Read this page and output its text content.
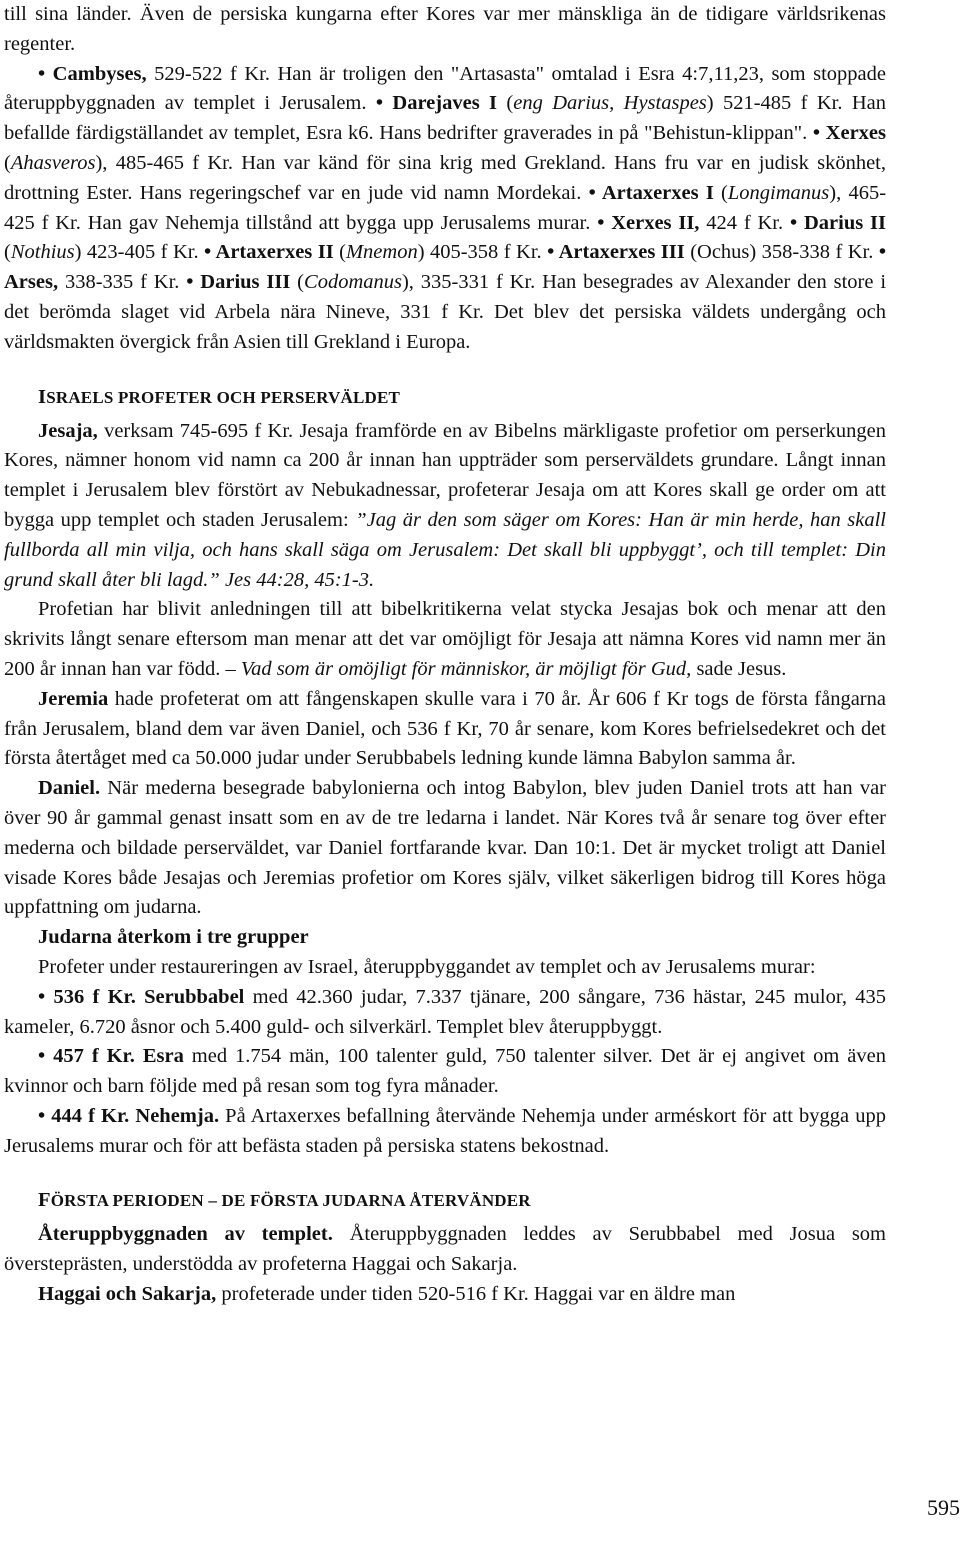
till sina länder. Även de persiska kungarna efter Kores var mer mänskliga än de tidigare världsrikenas regenter.
• Cambyses, 529-522 f Kr. Han är troligen den "Artasasta" omtalad i Esra 4:7,11,23, som stoppade återuppbyggnaden av templet i Jerusalem. • Darejaves I (eng Darius, Hystaspes) 521-485 f Kr. Han befallde färdigställandet av templet, Esra k6. Hans bedrifter graverades in på "Behistun-klippan". • Xerxes (Ahasveros), 485-465 f Kr. Han var känd för sina krig med Grekland. Hans fru var en judisk skönhet, drottning Ester. Hans regeringschef var en jude vid namn Mordekai. • Artaxerxes I (Longimanus), 465-425 f Kr. Han gav Nehemja tillstånd att bygga upp Jerusalems murar. • Xerxes II, 424 f Kr. • Darius II (Nothius) 423-405 f Kr. • Artaxerxes II (Mnemon) 405-358 f Kr. • Artaxerxes III (Ochus) 358-338 f Kr. • Arses, 338-335 f Kr. • Darius III (Codomanus), 335-331 f Kr. Han besegrades av Alexander den store i det berömda slaget vid Arbela nära Nineve, 331 f Kr. Det blev det persiska väldets undergång och världsmakten övergick från Asien till Grekland i Europa.

ISRAELS PROFETER OCH PERSERVÄLDET

Jesaja, verksam 745-695 f Kr. Jesaja framförde en av Bibelns märkligaste profetior om perserkungen Kores, nämner honom vid namn ca 200 år innan han uppträder som perserväldets grundare. Långt innan templet i Jerusalem blev förstört av Nebukadnessar, profeterar Jesaja om att Kores skall ge order om att bygga upp templet och staden Jerusalem: ”Jag är den som säger om Kores: Han är min herde, han skall fullborda all min vilja, och hans skall säga om Jerusalem: Det skall bli uppbyggt’, och till templet: Din grund skall åter bli lagd.” Jes 44:28, 45:1-3.

Profetian har blivit anledningen till att bibelkritikerna velat stycka Jesajas bok och menar att den skrivits långt senare eftersom man menar att det var omöjligt för Jesaja att nämna Kores vid namn mer än 200 år innan han var född. – Vad som är omöjligt för människor, är möjligt för Gud, sade Jesus.

Jeremia hade profeterat om att fångenskapen skulle vara i 70 år. År 606 f Kr togs de första fångarna från Jerusalem, bland dem var även Daniel, och 536 f Kr, 70 år senare, kom Kores befrielsedekret och det första återtåget med ca 50.000 judar under Serubbabels ledning kunde lämna Babylon samma år.

Daniel. När mederna besegrade babylonierna och intog Babylon, blev juden Daniel trots att han var över 90 år gammal genast insatt som en av de tre ledarna i landet. När Kores två år senare tog över efter mederna och bildade perserväldet, var Daniel fortfarande kvar. Dan 10:1. Det är mycket troligt att Daniel visade Kores både Jesajas och Jeremias profetior om Kores själv, vilket säkerligen bidrog till Kores höga uppfattning om judarna.

Judarna återkom i tre grupper

Profeter under restaureringen av Israel, återuppbyggandet av templet och av Jerusalems murar:

• 536 f Kr. Serubbabel med 42.360 judar, 7.337 tjänare, 200 sångare, 736 hästar, 245 mulor, 435 kameler, 6.720 åsnor och 5.400 guld- och silverkärl. Templet blev återuppbyggt.

• 457 f Kr. Esra med 1.754 män, 100 talenter guld, 750 talenter silver. Det är ej angivet om även kvinnor och barn följde med på resan som tog fyra månader.

• 444 f Kr. Nehemja. På Artaxerxes befallning återvände Nehemja under arméskort för att bygga upp Jerusalems murar och för att befästa staden på persiska statens bekostnad.

FÖRSTA PERIODEN – DE FÖRSTA JUDARNA ÅTERVÄNDER

Återuppbyggnaden av templet. Återuppbyggnaden leddes av Serubbabel med Josua som översteprästen, understödda av profeterna Haggai och Sakarja.

Haggai och Sakarja, profeterade under tiden 520-516 f Kr. Haggai var en äldre man

595
